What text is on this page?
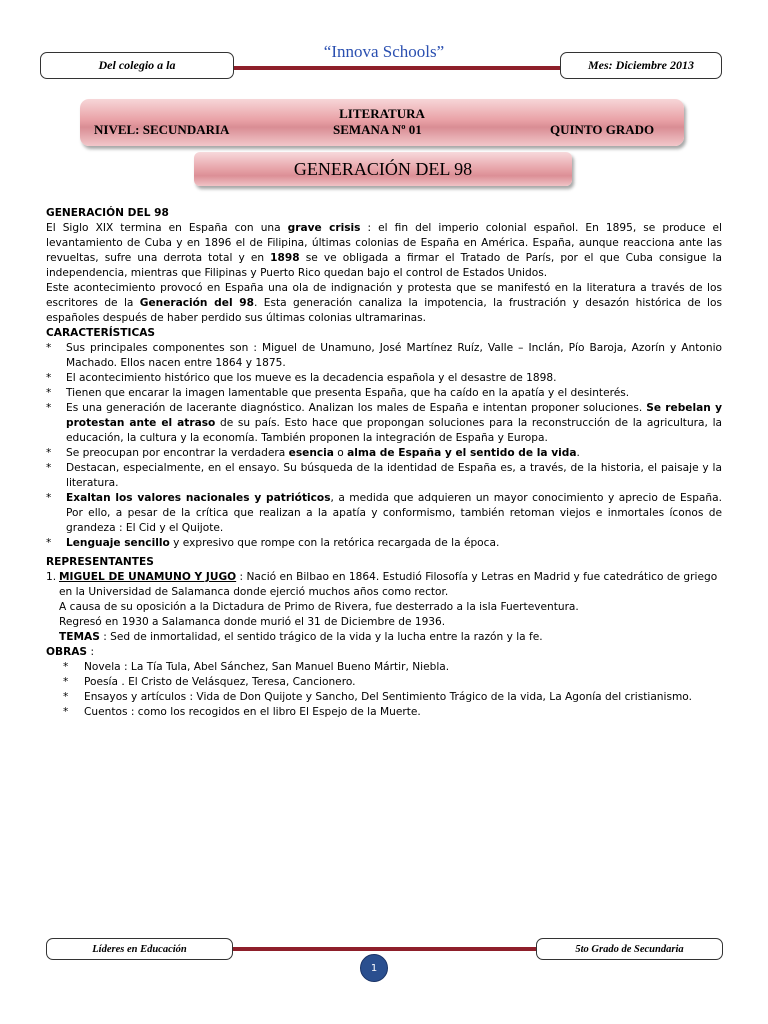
“Innova Schools”
Del colegio a la	Mes: Diciembre 2013
LITERATURA
NIVEL: SECUNDARIA	SEMANA Nº 01	QUINTO GRADO
GENERACIÓN DEL 98

GENERACIÓN DEL 98

El Siglo XIX termina en España con una grave crisis : el fin del imperio colonial español. En 1895, se produce el levantamiento de Cuba y en 1896 el de Filipina, últimas colonias de España en América. España, aunque reacciona ante las revueltas, sufre una derrota total y en 1898 se ve obligada a firmar el Tratado de París, por el que Cuba consigue la independencia, mientras que Filipinas y Puerto Rico quedan bajo el control de Estados Unidos.

Este acontecimiento provocó en España una ola de indignación y protesta que se manifestó en la literatura a través de los escritores de la Generación del 98. Esta generación canaliza la impotencia, la frustración y desazón histórica de los españoles después de haber perdido sus últimas colonias ultramarinas.

CARACTERÍSTICAS

* Sus principales componentes son : Miguel de Unamuno, José Martínez Ruíz, Valle – Inclán, Pío Baroja, Azorín y Antonio Machado. Ellos nacen entre 1864 y 1875.

* El acontecimiento histórico que los mueve es la decadencia española y el desastre de 1898.

* Tienen que encarar la imagen lamentable que presenta España, que ha caído en la apatía y el desinterés.

* Es una generación de lacerante diagnóstico. Analizan los males de España e intentan proponer soluciones. Se rebelan y protestan ante el atraso de su país. Esto hace que propongan soluciones para la reconstrucción de la agricultura, la educación, la cultura y la economía. También proponen la integración de España y Europa.

* Se preocupan por encontrar la verdadera esencia o alma de España y el sentido de la vida.

* Destacan, especialmente, en el ensayo. Su búsqueda de la identidad de España es, a través, de la historia, el paisaje y la literatura.

* Exaltan los valores nacionales y patrióticos, a medida que adquieren un mayor conocimiento y aprecio de España. Por ello, a pesar de la crítica que realizan a la apatía y conformismo, también retoman viejos e inmortales íconos de grandeza : El Cid y el Quijote.

* Lenguaje sencillo y expresivo que rompe con la retórica recargada de la época.

REPRESENTANTES

1. MIGUEL DE UNAMUNO Y JUGO : Nació en Bilbao en 1864. Estudió Filosofía y Letras en Madrid y fue catedrático de griego en la Universidad de Salamanca donde ejerció muchos años como rector.

A causa de su oposición a la Dictadura de Primo de Rivera, fue desterrado a la isla Fuerteventura.

Regresó en 1930 a Salamanca donde murió el 31 de Diciembre de 1936.

TEMAS : Sed de inmortalidad, el sentido trágico de la vida y la lucha entre la razón y la fe.

OBRAS :

* Novela : La Tía Tula, Abel Sánchez, San Manuel Bueno Mártir, Niebla.

* Poesía . El Cristo de Velásquez, Teresa, Cancionero.

* Ensayos y artículos : Vida de Don Quijote y Sancho, Del Sentimiento Trágico de la vida, La Agonía del cristianismo.

* Cuentos : como los recogidos en el libro El Espejo de la Muerte.

Líderes en Educación	5to Grado de Secundaria
1
